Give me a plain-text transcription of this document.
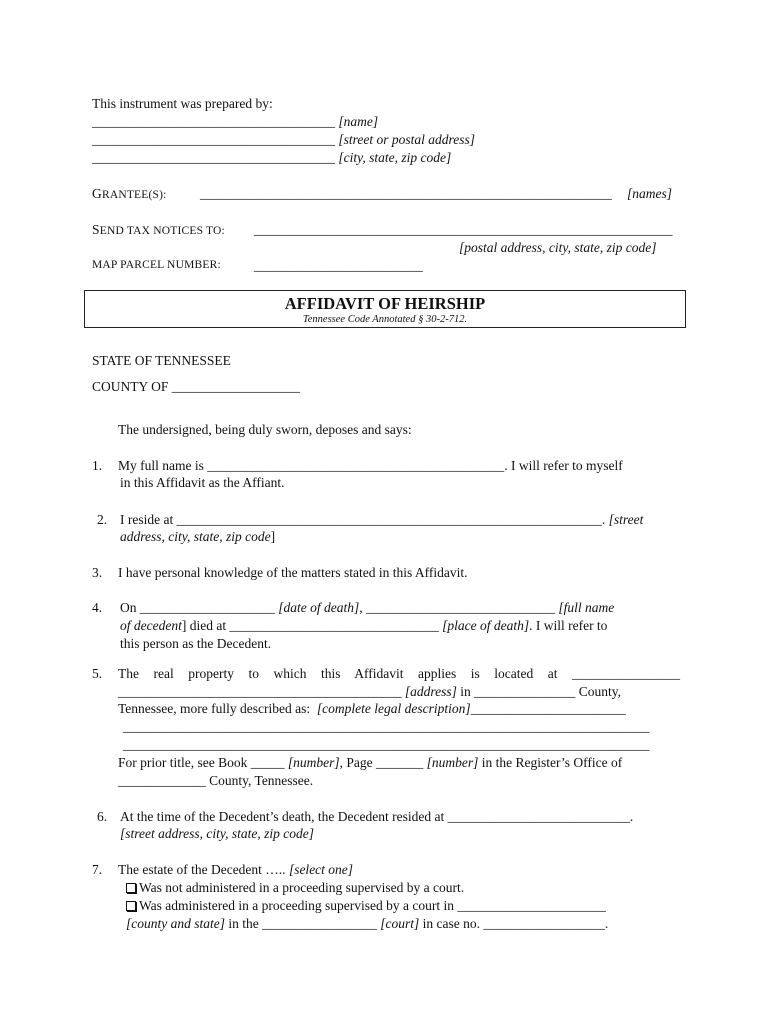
This instrument was prepared by:
____________________________________ [name]
____________________________________ [street or postal address]
____________________________________ [city, state, zip code]
GRANTEE(S): _____________________________________________________________ [names]
SEND TAX NOTICES TO: ______________________________________________________________
[postal address, city, state, zip code]
MAP PARCEL NUMBER: _________________________
AFFIDAVIT OF HEIRSHIP
Tennessee Code Annotated § 30-2-712.
STATE OF TENNESSEE
COUNTY OF ___________________
The undersigned, being duly sworn, deposes and says:
1. My full name is ____________________________________________. I will refer to myself
in this Affidavit as the Affiant.
2. I reside at _______________________________________________________________. [street
address, city, state, zip code]
3. I have personal knowledge of the matters stated in this Affidavit.
4. On ____________________ [date of death], ____________________________ [full name
of decedent] died at _______________________________ [place of death]. I will refer to
this person as the Decedent.
5. The real property to which this Affidavit applies is located at ________________
__________________________________________ [address] in _______________ County,
Tennessee, more fully described as:  [complete legal description]_______________________
______________________________________________________________________________
______________________________________________________________________________
For prior title, see Book _____ [number], Page _______ [number] in the Register’s Office of
_____________ County, Tennessee.
6. At the time of the Decedent’s death, the Decedent resided at ___________________________.
[street address, city, state, zip code]
7. The estate of the Decedent ….. [select one]
Was not administered in a proceeding supervised by a court.
Was administered in a proceeding supervised by a court in ______________________
[county and state] in the _________________ [court] in case no. __________________.
